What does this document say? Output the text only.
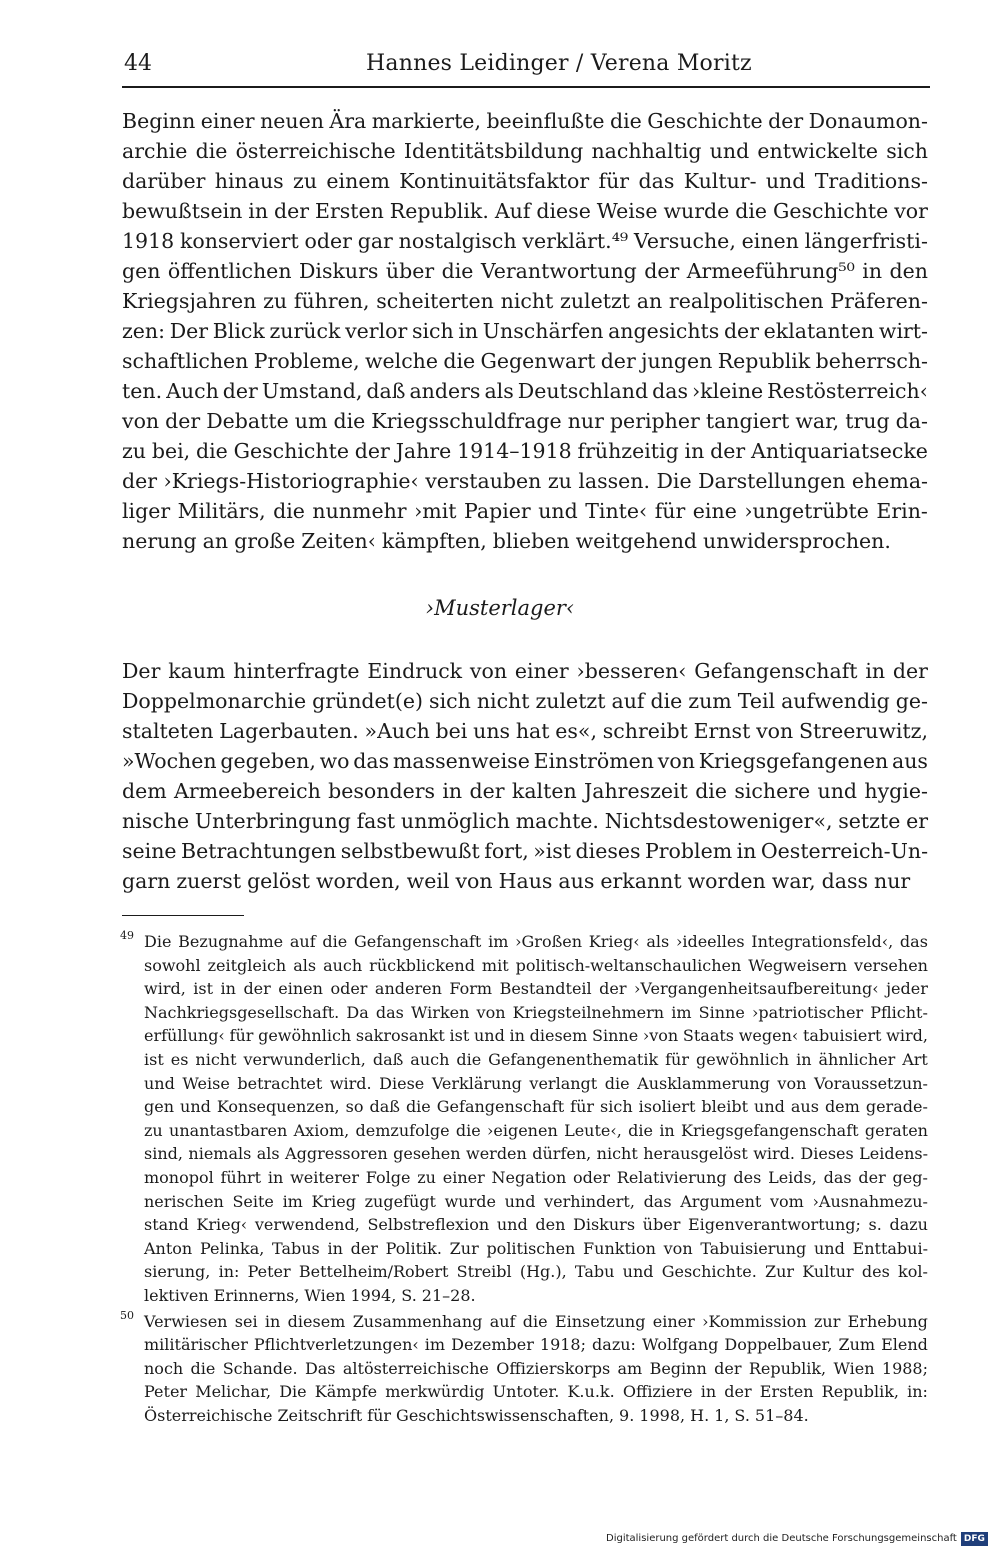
44	Hannes Leidinger / Verena Moritz
Beginn einer neuen Ära markierte, beeinflußte die Geschichte der Donaumon-
archie die österreichische Identitätsbildung nachhaltig und entwickelte sich
darüber hinaus zu einem Kontinuitätsfaktor für das Kultur- und Traditions-
bewußtsein in der Ersten Republik. Auf diese Weise wurde die Geschichte vor
1918 konserviert oder gar nostalgisch verklärt.⁴⁹ Versuche, einen längerfristi-
gen öffentlichen Diskurs über die Verantwortung der Armeeführung⁵⁰ in den
Kriegsjahren zu führen, scheiterten nicht zuletzt an realpolitischen Präferen-
zen: Der Blick zurück verlor sich in Unschärfen angesichts der eklatanten wirt-
schaftlichen Probleme, welche die Gegenwart der jungen Republik beherrsch-
ten. Auch der Umstand, daß anders als Deutschland das ›kleine Restösterreich‹
von der Debatte um die Kriegsschuldfrage nur peripher tangiert war, trug da-
zu bei, die Geschichte der Jahre 1914–1918 frühzeitig in der Antiquariatsecke
der ›Kriegs-Historiographie‹ verstauben zu lassen. Die Darstellungen ehema-
liger Militärs, die nunmehr ›mit Papier und Tinte‹ für eine ›ungetrübte Erin-
nerung an große Zeiten‹ kämpften, blieben weitgehend unwidersprochen.
›Musterlager‹
Der kaum hinterfragte Eindruck von einer ›besseren‹ Gefangenschaft in der
Doppelmonarchie gründet(e) sich nicht zuletzt auf die zum Teil aufwendig ge-
stalteten Lagerbauten. »Auch bei uns hat es«, schreibt Ernst von Streeruwitz,
»Wochen gegeben, wo das massenweise Einströmen von Kriegsgefangenen aus
dem Armeebereich besonders in der kalten Jahreszeit die sichere und hygie-
nische Unterbringung fast unmöglich machte. Nichtsdestoweniger«, setzte er
seine Betrachtungen selbstbewußt fort, »ist dieses Problem in Oesterreich-Un-
garn zuerst gelöst worden, weil von Haus aus erkannt worden war, dass nur
49 Die Bezugnahme auf die Gefangenschaft im ›Großen Krieg‹ als ›ideelles Integrationsfeld‹, das
sowohl zeitgleich als auch rückblickend mit politisch-weltanschaulichen Wegweisern versehen
wird, ist in der einen oder anderen Form Bestandteil der ›Vergangenheitsaufbereitung‹ jeder
Nachkriegsgesellschaft. Da das Wirken von Kriegsteilnehmern im Sinne ›patriotischer Pflicht-
erfüllung‹ für gewöhnlich sakrosankt ist und in diesem Sinne ›von Staats wegen‹ tabuisiert wird,
ist es nicht verwunderlich, daß auch die Gefangenenthematik für gewöhnlich in ähnlicher Art
und Weise betrachtet wird. Diese Verklärung verlangt die Ausklammerung von Voraussetzun-
gen und Konsequenzen, so daß die Gefangenschaft für sich isoliert bleibt und aus dem gerade-
zu unantastbaren Axiom, demzufolge die ›eigenen Leute‹, die in Kriegsgefangenschaft geraten
sind, niemals als Aggressoren gesehen werden dürfen, nicht herausgelöst wird. Dieses Leidens-
monopol führt in weiterer Folge zu einer Negation oder Relativierung des Leids, das der geg-
nerischen Seite im Krieg zugefügt wurde und verhindert, das Argument vom ›Ausnahmezu-
stand Krieg‹ verwendend, Selbstreflexion und den Diskurs über Eigenverantwortung; s. dazu
Anton Pelinka, Tabus in der Politik. Zur politischen Funktion von Tabuisierung und Enttabui-
sierung, in: Peter Bettelheim/Robert Streibl (Hg.), Tabu und Geschichte. Zur Kultur des kol-
lektiven Erinnerns, Wien 1994, S. 21–28.
50 Verwiesen sei in diesem Zusammenhang auf die Einsetzung einer ›Kommission zur Erhebung
militärischer Pflichtverletzungen‹ im Dezember 1918; dazu: Wolfgang Doppelbauer, Zum Elend
noch die Schande. Das altösterreichische Offizierskorps am Beginn der Republik, Wien 1988;
Peter Melichar, Die Kämpfe merkwürdig Untoter. K.u.k. Offiziere in der Ersten Republik, in:
Österreichische Zeitschrift für Geschichtswissenschaften, 9. 1998, H. 1, S. 51–84.
Digitalisierung gefördert durch die Deutsche Forschungsgemeinschaft DFG
